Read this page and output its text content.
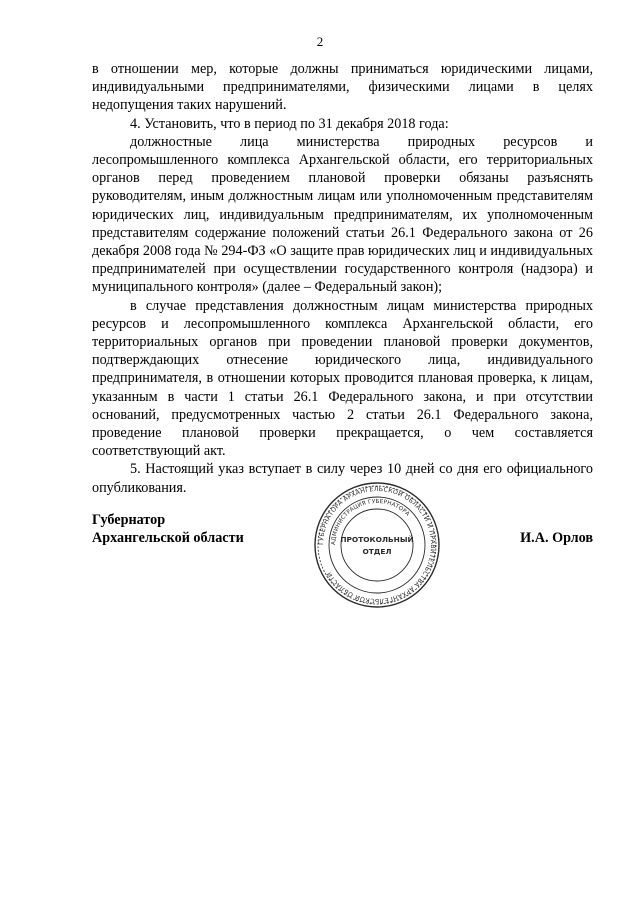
2

в отношении мер, которые должны приниматься юридическими лицами, индивидуальными предпринимателями, физическими лицами в целях недопущения таких нарушений.

4. Установить, что в период по 31 декабря 2018 года:

должностные лица министерства природных ресурсов и лесопромышленного комплекса Архангельской области, его территориальных органов перед проведением плановой проверки обязаны разъяснять руководителям, иным должностным лицам или уполномоченным представителям юридических лиц, индивидуальным предпринимателям, их уполномоченным представителям содержание положений статьи 26.1 Федерального закона от 26 декабря 2008 года № 294-ФЗ «О защите прав юридических лиц и индивидуальных предпринимателей при осуществлении государственного контроля (надзора) и муниципального контроля» (далее – Федеральный закон);

в случае представления должностным лицам министерства природных ресурсов и лесопромышленного комплекса Архангельской области, его территориальных органов при проведении плановой проверки документов, подтверждающих отнесение юридического лица, индивидуального предпринимателя, в отношении которых проводится плановая проверка, к лицам, указанным в части 1 статьи 26.1 Федерального закона, и при отсутствии оснований, предусмотренных частью 2 статьи 26.1 Федерального закона, проведение плановой проверки прекращается, о чем составляется соответствующий акт.

5. Настоящий указ вступает в силу через 10 дней со дня его официального опубликования.

Губернатор
Архангельской области	И.А. Орлов
ГУБЕРНАТОРА АРХАНГЕЛЬСКОЙ ОБЛАСТИ И ПРАВИТЕЛЬСТВА АРХАНГЕЛЬСКОЙ ОБЛАСТИ
АДМИНИСТРАЦИЯ ГУБЕРНАТОРА
ПРОТОКОЛЬНЫЙ
ОТДЕЛ
